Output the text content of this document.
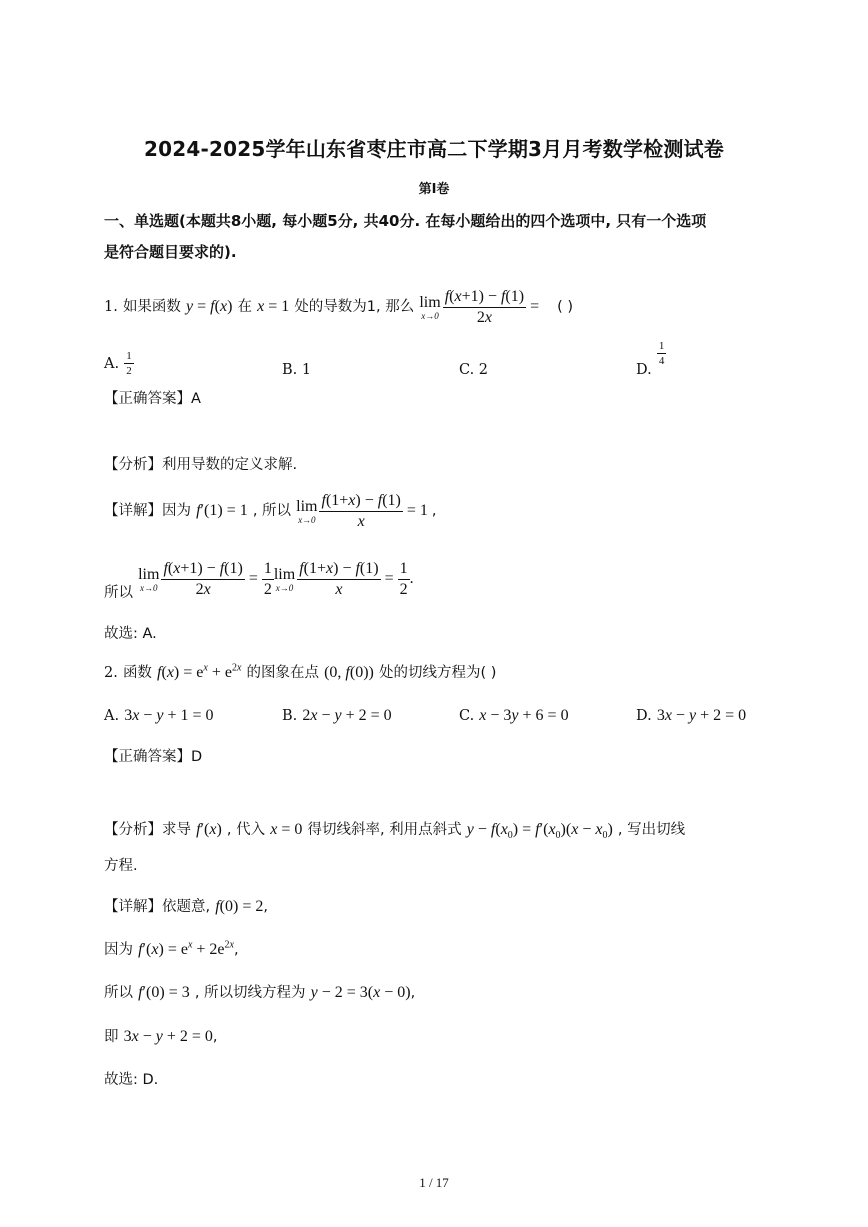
2024-2025学年山东省枣庄市高二下学期3月月考数学检测试卷
第I卷
一、单选题(本题共8小题, 每小题5分, 共40分. 在每小题给出的四个选项中, 只有一个选项
是符合题目要求的).
1. 如果函数 y = f(x) 在 x = 1 处的导数为1, 那么 lim
$x\to 0 \frac{f(x+1) - f(1)}{2x}$ = ( )
A. $\frac{1}{2}$	B. 1	C. 2	D.
$\frac{1}{4}$
【正确答案】A
【分析】利用导数的定义求解.
【详解】因为 f′(1) = 1 , 所以 lim
$x\to 0 \frac{f(1+x) - f(1)}{x} = 1$ ,
所以
lim
$x\to 0 \frac{f(x+1) - f(1)}{2x} = \frac{1}{2}$ lim
$x\to 0 \frac{f(1+x) - f(1)}{x} = \frac{1}{2}$ .
故选: A.
2. 函数 $f(x) = e^x + e^{2x}$ 的图象在点 (0, f(0)) 处的切线方程为( )
A. 3x − y + 1 = 0	B. 2x − y + 2 = 0	C. x − 3y + 6 = 0	D. 3x − y + 2 = 0
【正确答案】D
【分析】求导 f′(x) , 代入 x = 0 得切线斜率, 利用点斜式 $y - f(x_0) = f'(x_0)(x - x_0)$ , 写出切线
方程.
【详解】依题意, f(0) = 2,
因为 $f'(x) = e^x + 2e^{2x}$,
所以 f′(0) = 3 , 所以切线方程为 y − 2 = 3(x − 0),
即 3x − y + 2 = 0,
故选: D.
1 / 17
